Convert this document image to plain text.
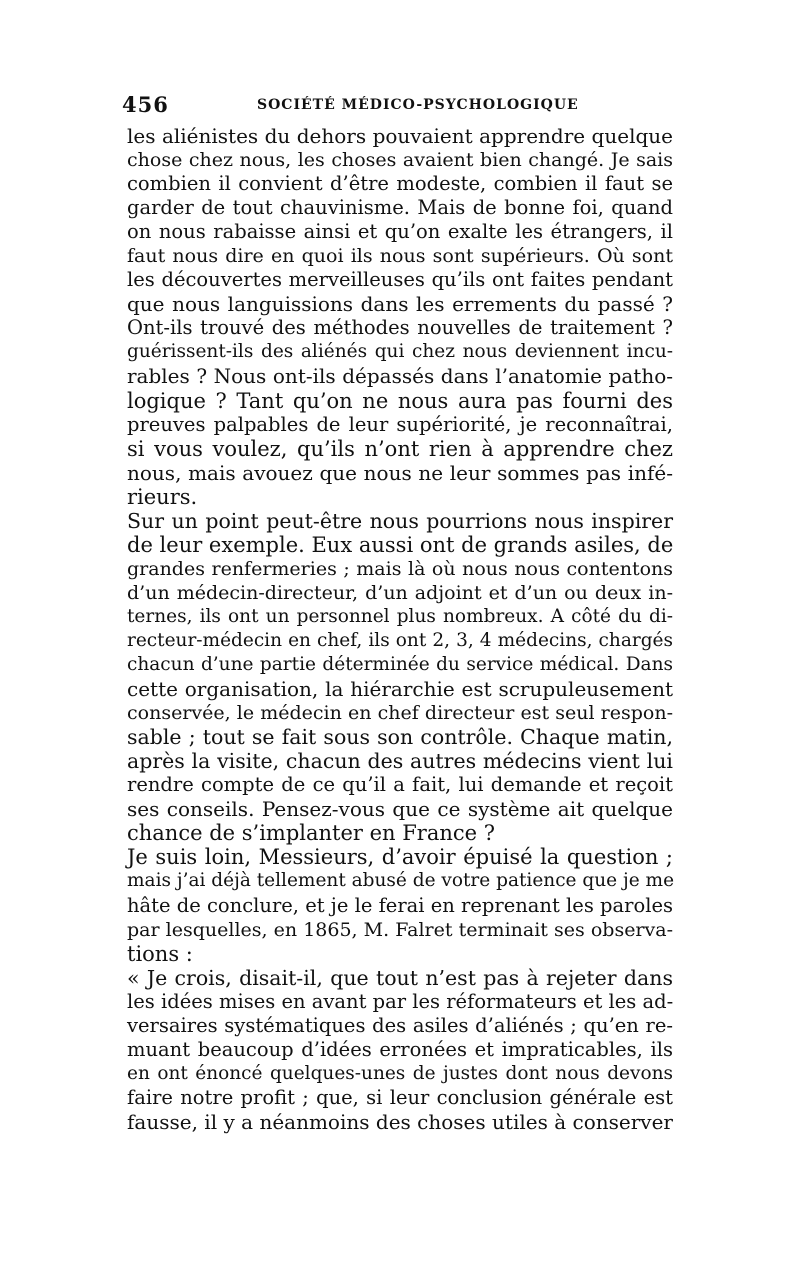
456	SOCIÉTÉ MÉDICO-PSYCHOLOGIQUE
les aliénistes du dehors pouvaient apprendre quelque
chose chez nous, les choses avaient bien changé. Je sais
combien il convient d’être modeste, combien il faut se
garder de tout chauvinisme. Mais de bonne foi, quand
on nous rabaisse ainsi et qu’on exalte les étrangers, il
faut nous dire en quoi ils nous sont supérieurs. Où sont
les découvertes merveilleuses qu’ils ont faites pendant
que nous languissions dans les errements du passé ?
Ont-ils trouvé des méthodes nouvelles de traitement ?
guérissent-ils des aliénés qui chez nous deviennent incu-
rables ? Nous ont-ils dépassés dans l’anatomie patho-
logique ? Tant qu’on ne nous aura pas fourni des
preuves palpables de leur supériorité, je reconnaîtrai,
si vous voulez, qu’ils n’ont rien à apprendre chez
nous, mais avouez que nous ne leur sommes pas infé-
rieurs.
Sur un point peut-être nous pourrions nous inspirer
de leur exemple. Eux aussi ont de grands asiles, de
grandes renfermeries ; mais là où nous nous contentons
d’un médecin-directeur, d’un adjoint et d’un ou deux in-
ternes, ils ont un personnel plus nombreux. A côté du di-
recteur-médecin en chef, ils ont 2, 3, 4 médecins, chargés
chacun d’une partie déterminée du service médical. Dans
cette organisation, la hiérarchie est scrupuleusement
conservée, le médecin en chef directeur est seul respon-
sable ; tout se fait sous son contrôle. Chaque matin,
après la visite, chacun des autres médecins vient lui
rendre compte de ce qu’il a fait, lui demande et reçoit
ses conseils. Pensez-vous que ce système ait quelque
chance de s’implanter en France ?
Je suis loin, Messieurs, d’avoir épuisé la question ;
mais j’ai déjà tellement abusé de votre patience que je me
hâte de conclure, et je le ferai en reprenant les paroles
par lesquelles, en 1865, M. Falret terminait ses observa-
tions :
« Je crois, disait-il, que tout n’est pas à rejeter dans
les idées mises en avant par les réformateurs et les ad-
versaires systématiques des asiles d’aliénés ; qu’en re-
muant beaucoup d’idées erronées et impraticables, ils
en ont énoncé quelques-unes de justes dont nous devons
faire notre profit ; que, si leur conclusion générale est
fausse, il y a néanmoins des choses utiles à conserver
